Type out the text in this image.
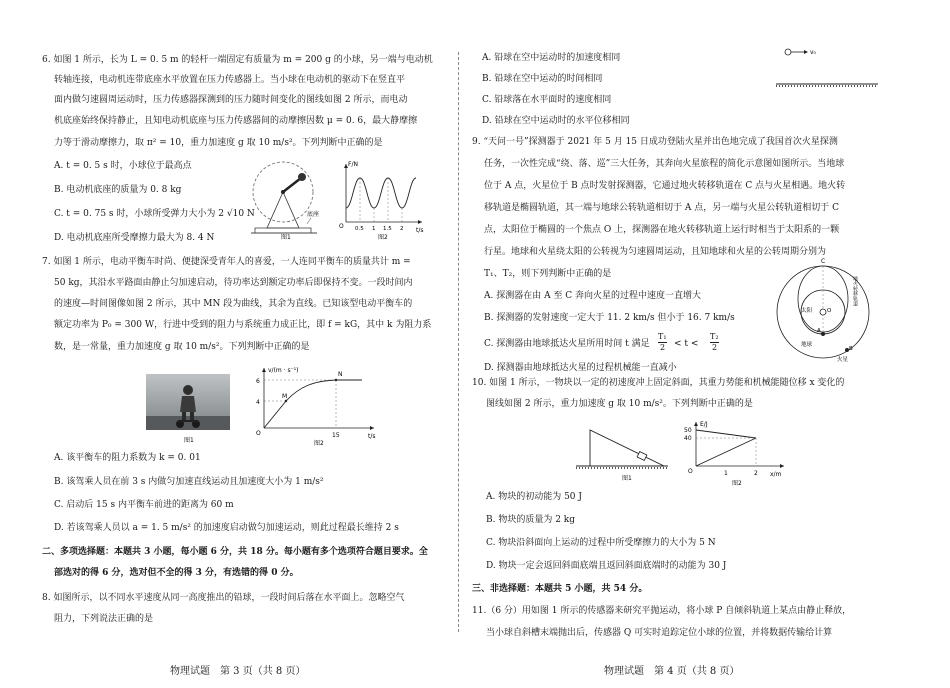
6. 如图 1 所示，长为 L = 0. 5 m 的轻杆一端固定有质量为 m = 200 g 的小球，另一端与电动机
转轴连接，电动机连带底座水平放置在压力传感器上。当小球在电动机的驱动下在竖直平
面内做匀速圆周运动时，压力传感器探测到的压力随时间变化的图线如图 2 所示，而电动
机底座始终保持静止，且知电动机底座与压力传感器间的动摩擦因数 μ = 0. 6，最大静摩擦
力等于滑动摩擦力，取 π² = 10，重力加速度 g 取 10 m/s²。下列判断中正确的是
A. t = 0. 5 s 时，小球位于最高点
B. 电动机底座的质量为 0. 8 kg
C. t = 0. 75 s 时，小球所受弹力大小为 2 √10 N
D. 电动机底座所受摩擦力最大为 8. 4 N
底座
图1
F/N
t/s
O 0.5 1 1.5 2
图2
7. 如图 1 所示，电动平衡车时尚、便捷深受青年人的喜爱，一人连同平衡车的质量共计 m =
50 kg，其沿水平路面由静止匀加速启动，待功率达到额定功率后即保持不变。一段时间内
的速度—时间图像如图 2 所示，其中 MN 段为曲线，其余为直线。已知该型电动平衡车的
额定功率为 P₀ = 300 W，行进中受到的阻力与系统重力成正比，即 f = kG，其中 k 为阻力系
数，是一常量，重力加速度 g 取 10 m/s²。下列判断中正确的是
图1
v/(m · s⁻¹)
t/s
O
6
4
15
M
N
图2
A. 该平衡车的阻力系数为 k = 0. 01
B. 该驾乘人员在前 3 s 内做匀加速直线运动且加速度大小为 1 m/s²
C. 启动后 15 s 内平衡车前进的距离为 60 m
D. 若该驾乘人员以 a = 1. 5 m/s² 的加速度启动做匀加速运动，则此过程最长维持 2 s
二、多项选择题：本题共 3 小题，每小题 6 分，共 18 分。每小题有多个选项符合题目要求。全
部选对的得 6 分，选对但不全的得 3 分，有选错的得 0 分。
8. 如图所示，以不同水平速度从同一高度推出的铅球，一段时间后落在水平面上。忽略空气
阻力，下列说法正确的是
物理试题　第 3 页（共 8 页）
A. 铅球在空中运动时的加速度相同
B. 铅球在空中运动的时间相同
C. 铅球落在水平面时的速度相同
D. 铅球在空中运动时的水平位移相同
v₀
9. “天问一号”探测器于 2021 年 5 月 15 日成功登陆火星并出色地完成了我国首次火星探测
任务，一次性完成“绕、落、巡”三大任务，其奔向火星旅程的简化示意图如图所示。当地球
位于 A 点，火星位于 B 点时发射探测器，它通过地火转移轨道在 C 点与火星相遇。地火转
移轨道是椭圆轨道，其一端与地球公转轨道相切于 A 点，另一端与火星公转轨道相切于 C
点，太阳位于椭圆的一个焦点 O 上，探测器在地火转移轨道上运行时相当于太阳系的一颗
行星。地球和火星绕太阳的公转视为匀速圆周运动，且知地球和火星的公转周期分别为
T₁、T₂，则下列判断中正确的是
A. 探测器在由 A 至 C 奔向火星的过程中速度一直增大
B. 探测器的发射速度一定大于 11. 2 km/s 但小于 16. 7 km/s
C. 探测器由地球抵达火星所用时间 t 满足
T₁
2 < t <
T₂
2
D. 探测器由地球抵达火星的过程机械能一直减小
C
太阳	O
A
B
地球
火星
地火转移轨道
10. 如图 1 所示，一物块以一定的初速度冲上固定斜面，其重力势能和机械能随位移 x 变化的
图线如图 2 所示，重力加速度 g 取 10 m/s²。下列判断中正确的是
图1
E/J
x/m
O
50
40
1	2
图2
A. 物块的初动能为 50 J
B. 物块的质量为 2 kg
C. 物块沿斜面向上运动的过程中所受摩擦力的大小为 5 N
D. 物块一定会返回斜面底端且返回斜面底端时的动能为 30 J
三、非选择题：本题共 5 小题，共 54 分。
11.（6 分）用如图 1 所示的传感器来研究平抛运动，将小球 P 自倾斜轨道上某点由静止释放，
当小球自斜槽末端抛出后，传感器 Q 可实时追踪定位小球的位置，并将数据传输给计算
物理试题　第 4 页（共 8 页）
